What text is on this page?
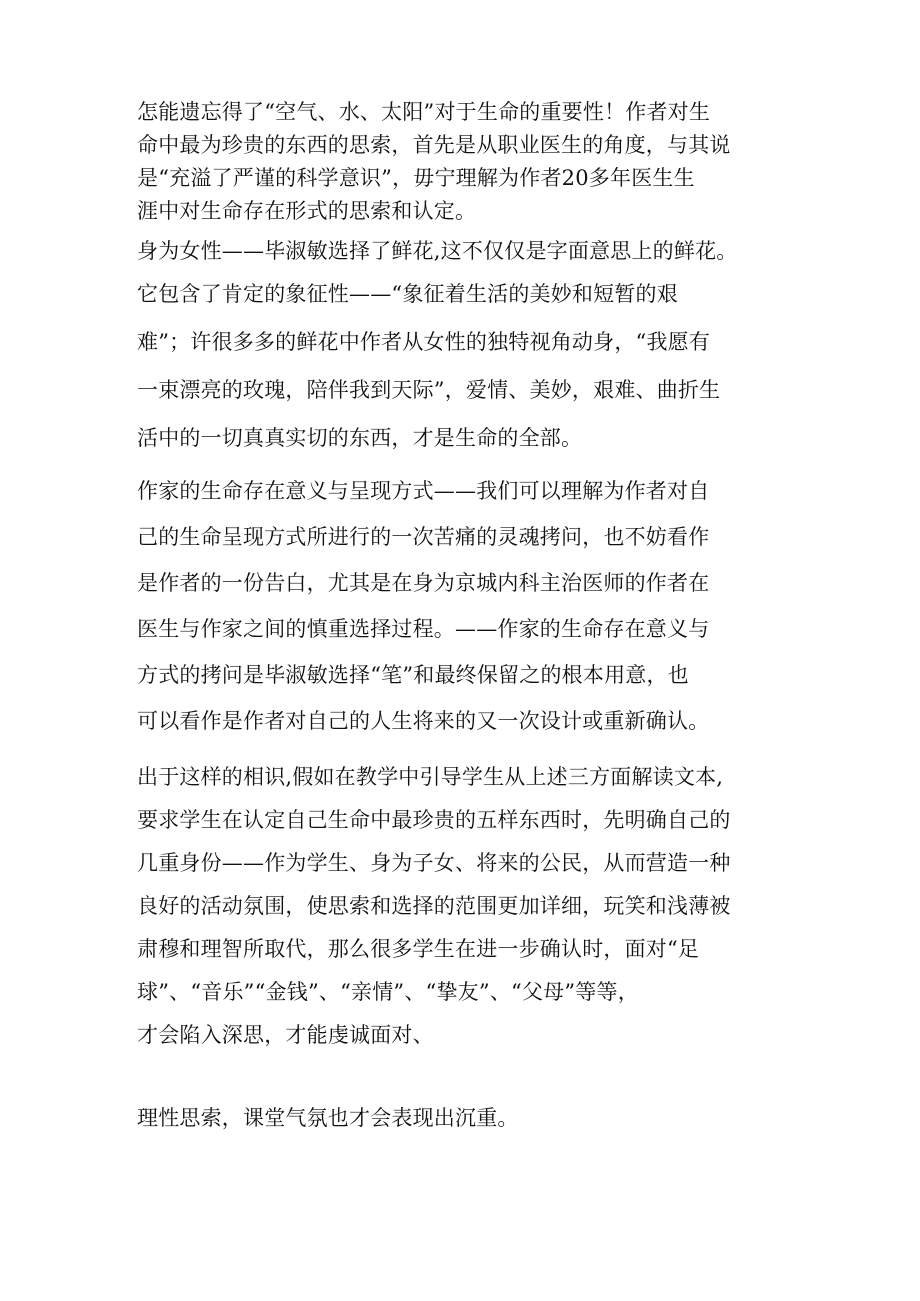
怎能遗忘得了“空气、水、太阳”对于生命的重要性！作者对生
命中最为珍贵的东西的思索，首先是从职业医生的角度，与其说
是“充溢了严谨的科学意识”，毋宁理解为作者20多年医生生
涯中对生命存在形式的思索和认定。
身为女性——毕淑敏选择了鲜花,这不仅仅是字面意思上的鲜花。
它包含了肯定的象征性——“象征着生活的美妙和短暂的艰
难”；许很多多的鲜花中作者从女性的独特视角动身，“我愿有
一束漂亮的玫瑰，陪伴我到天际”，爱情、美妙，艰难、曲折生
活中的一切真真实切的东西，才是生命的全部。
作家的生命存在意义与呈现方式——我们可以理解为作者对自
己的生命呈现方式所进行的一次苦痛的灵魂拷问，也不妨看作
是作者的一份告白，尤其是在身为京城内科主治医师的作者在
医生与作家之间的慎重选择过程。——作家的生命存在意义与
方式的拷问是毕淑敏选择“笔”和最终保留之的根本用意，也
可以看作是作者对自己的人生将来的又一次设计或重新确认。
出于这样的相识,假如在教学中引导学生从上述三方面解读文本,
要求学生在认定自己生命中最珍贵的五样东西时，先明确自己的
几重身份——作为学生、身为子女、将来的公民，从而营造一种
良好的活动氛围，使思索和选择的范围更加详细，玩笑和浅薄被
肃穆和理智所取代，那么很多学生在进一步确认时，面对“足
球”、“音乐”“金钱”、“亲情”、“挚友”、“父母”等等，
才会陷入深思，才能虔诚面对、
理性思索，课堂气氛也才会表现出沉重。
